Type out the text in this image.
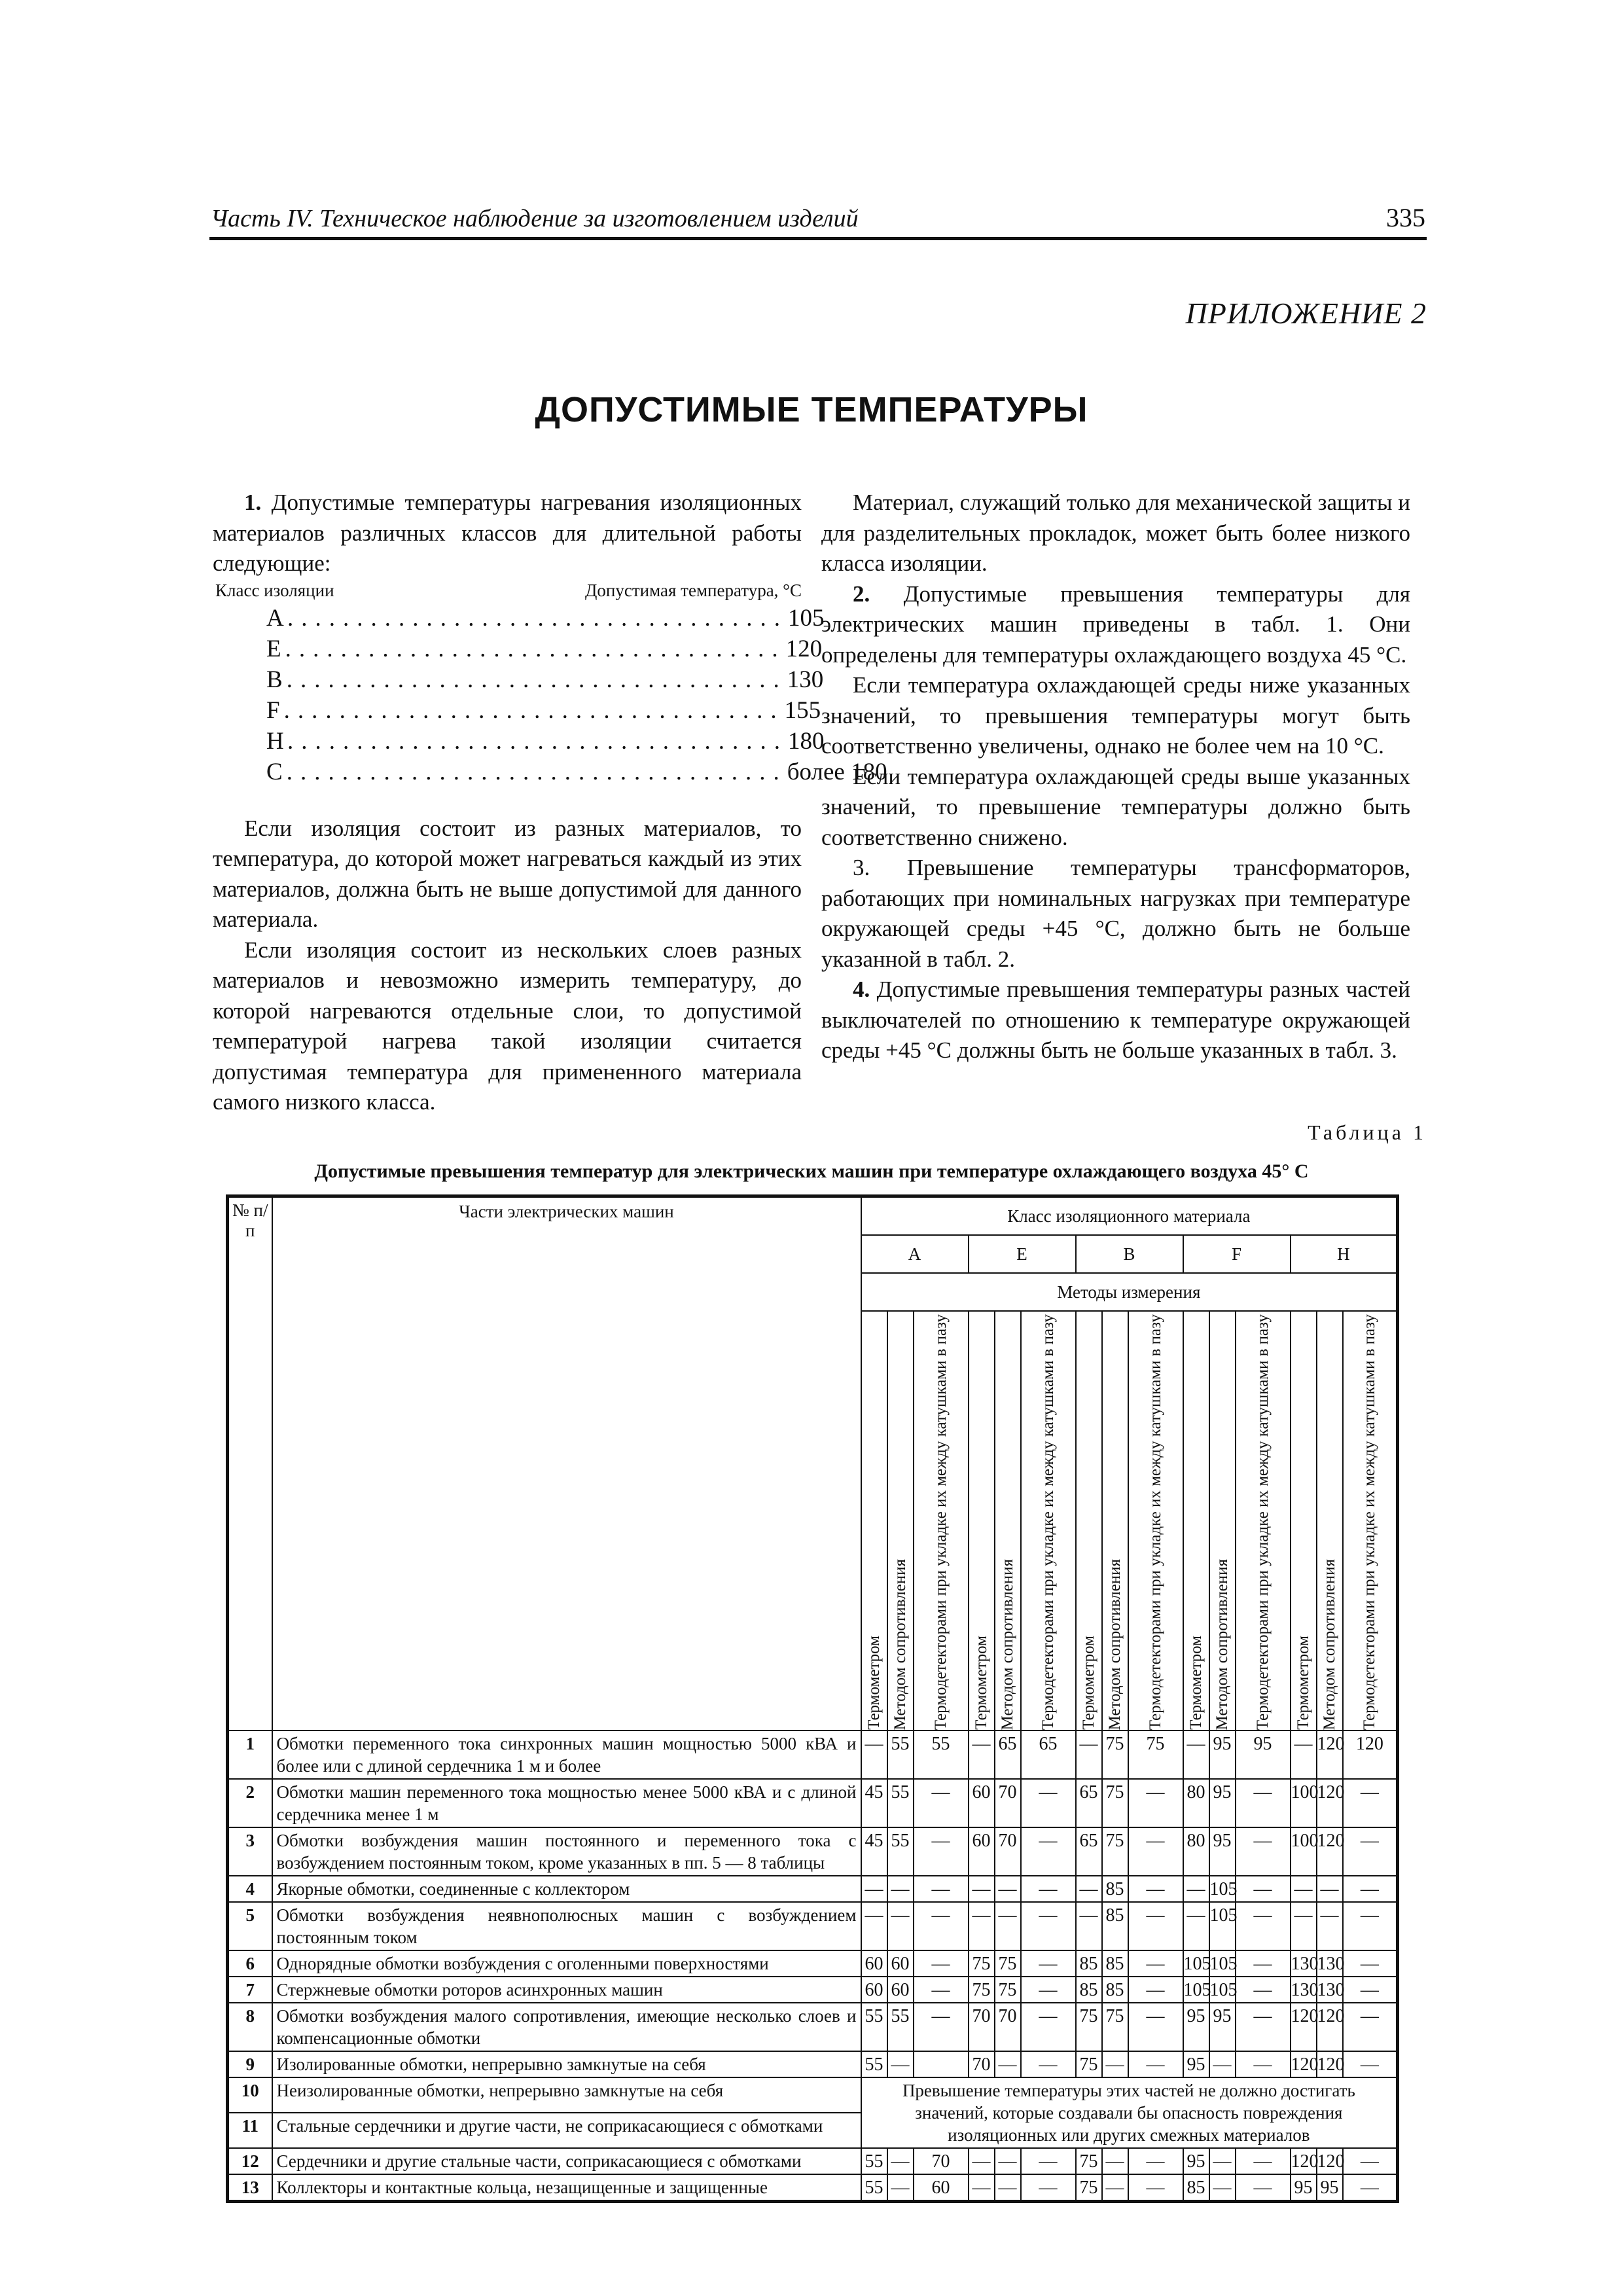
Часть IV. Техническое наблюдение за изготовлением изделий	335
ПРИЛОЖЕНИЕ 2
ДОПУСТИМЫЕ ТЕМПЕРАТУРЫ

1. Допустимые температуры нагревания изоляционных материалов различных классов для длительной работы следующие:

Класс изоляции	Допустимая температура, °С
A .................................... 105
E .................................... 120
B .................................... 130
F .................................... 155
H .................................... 180
C .................................... более 180

Если изоляция состоит из разных материалов, то температура, до которой может нагреваться каждый из этих материалов, должна быть не выше допустимой для данного материала.

Если изоляция состоит из нескольких слоев разных материалов и невозможно измерить температуру, до которой нагреваются отдельные слои, то допустимой температурой нагрева такой изоляции считается допустимая температура для примененного материала самого низкого класса.

Материал, служащий только для механической защиты и для разделительных прокладок, может быть более низкого класса изоляции.

2. Допустимые превышения температуры для электрических машин приведены в табл. 1. Они определены для температуры охлаждающего воздуха 45 °С.

Если температура охлаждающей среды ниже указанных значений, то превышения температуры могут быть соответственно увеличены, однако не более чем на 10 °С.

Если температура охлаждающей среды выше указанных значений, то превышение температуры должно быть соответственно снижено.

3. Превышение температуры трансформаторов, работающих при номинальных нагрузках при температуре окружающей среды +45 °С, должно быть не больше указанной в табл. 2.

4. Допустимые превышения температуры разных частей выключателей по отношению к температуре окружающей среды +45 °С должны быть не больше указанных в табл. 3.

Таблица 1
Допустимые превышения температур для электрических машин при температуре охлаждающего воздуха 45° С
№ п/п	Части электрических машин	Класс изоляционного материала														
		A			E			B			F			H		
		Методы измерения														

		Термометром	Методом сопротивления	Термодетекторами при укладке их между катушками в пазу	Термометром	Методом сопротивления	Термодетекторами при укладке их между катушками в пазу	Термометром	Методом сопротивления	Термодетекторами при укладке их между катушками в пазу	Термометром	Методом сопротивления	Термодетекторами при укладке их между катушками в пазу	Термометром	Методом сопротивления	Термодетекторами при укладке их между катушками в пазу

1	Обмотки переменного тока синхронных машин мощностью 5000 кВА и более или с длиной сердечника 1 м и более	—	55	55	—	65	65	—	75	75	—	95	95	—	120	120
2	Обмотки машин переменного тока мощностью менее 5000 кВА и с длиной сердечника менее 1 м	45	55	—	60	70	—	65	75	—	80	95	—	100	120	—
3	Обмотки возбуждения машин постоянного и переменного тока с возбуждением постоянным током, кроме указанных в пп. 5 — 8 таблицы	45	55	—	60	70	—	65	75	—	80	95	—	100	120	—
4	Якорные обмотки, соединенные с коллектором	—	—	—	—	—	—	—	85	—	—	105	—	—	—	—
5	Обмотки возбуждения неявнополюсных машин с возбуждением постоянным током	—	—	—	—	—	—	—	85	—	—	105	—	—	—	—
6	Однорядные обмотки возбуждения с оголенными поверхностями	60	60	—	75	75	—	85	85	—	105	105	—	130	130	—
7	Стержневые обмотки роторов асинхронных машин	60	60	—	75	75	—	85	85	—	105	105	—	130	130	—
8	Обмотки возбуждения малого сопротивления, имеющие несколько слоев и компенсационные обмотки	55	55	—	70	70	—	75	75	—	95	95	—	120	120	—
9	Изолированные обмотки, непрерывно замкнутые на себя	55	—		70	—	—	75	—	—	95	—	—	120	120	—
10	Неизолированные обмотки, непрерывно замкнутые на себя	Превышение температуры этих частей не должно достигать значений, которые создавали бы опасность повреждения изоляционных или других смежных материалов														
11	Стальные сердечники и другие части, не соприкасающиеся с обмотками															
12	Сердечники и другие стальные части, соприкасающиеся с обмотками	55	—	70	—	—	—	75	—	—	95	—	—	120	120	—
13	Коллекторы и контактные кольца, незащищенные и защищенные	55	—	60	—	—	—	75	—	—	85	—	—	95	95	—
